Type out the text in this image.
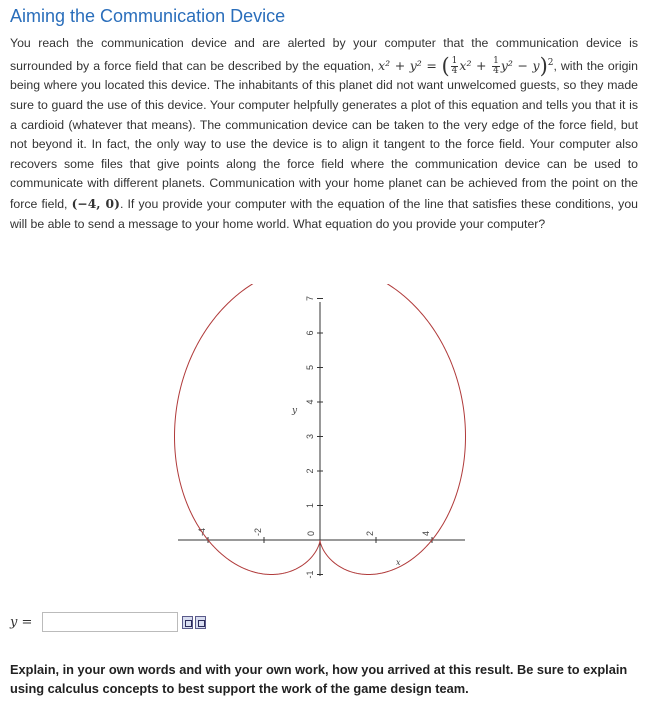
Aiming the Communication Device

You reach the communication device and are alerted by your computer that the communication device is surrounded by a force field that can be described by the equation, x² + y² = ( $\frac{1}{4} x^2 + \frac{1}{4} y^2 - y)^2$, with the origin being where you located this device. The inhabitants of this planet did not want unwelcomed guests, so they made sure to guard the use of this device. Your computer helpfully generates a plot of this equation and tells you that it is a cardioid (whatever that means). The communication device can be taken to the very edge of the force field, but not beyond it. In fact, the only way to use the device is to align it tangent to the force field. Your computer also recovers some files that give points along the force field where the communication device can be used to communicate with different planets. Communication with your home planet can be achieved from the point on the force field, (−4, 0). If you provide your computer with the equation of the line that satisfies these conditions, you will be able to send a message to your home world. What equation do you provide your computer?

-4	-2	0	2	4
7
6
5
4
3
2
1
-1
y
x
y =

Explain, in your own words and with your own work, how you arrived at this result. Be sure to explain using calculus concepts to best support the work of the game design team.
